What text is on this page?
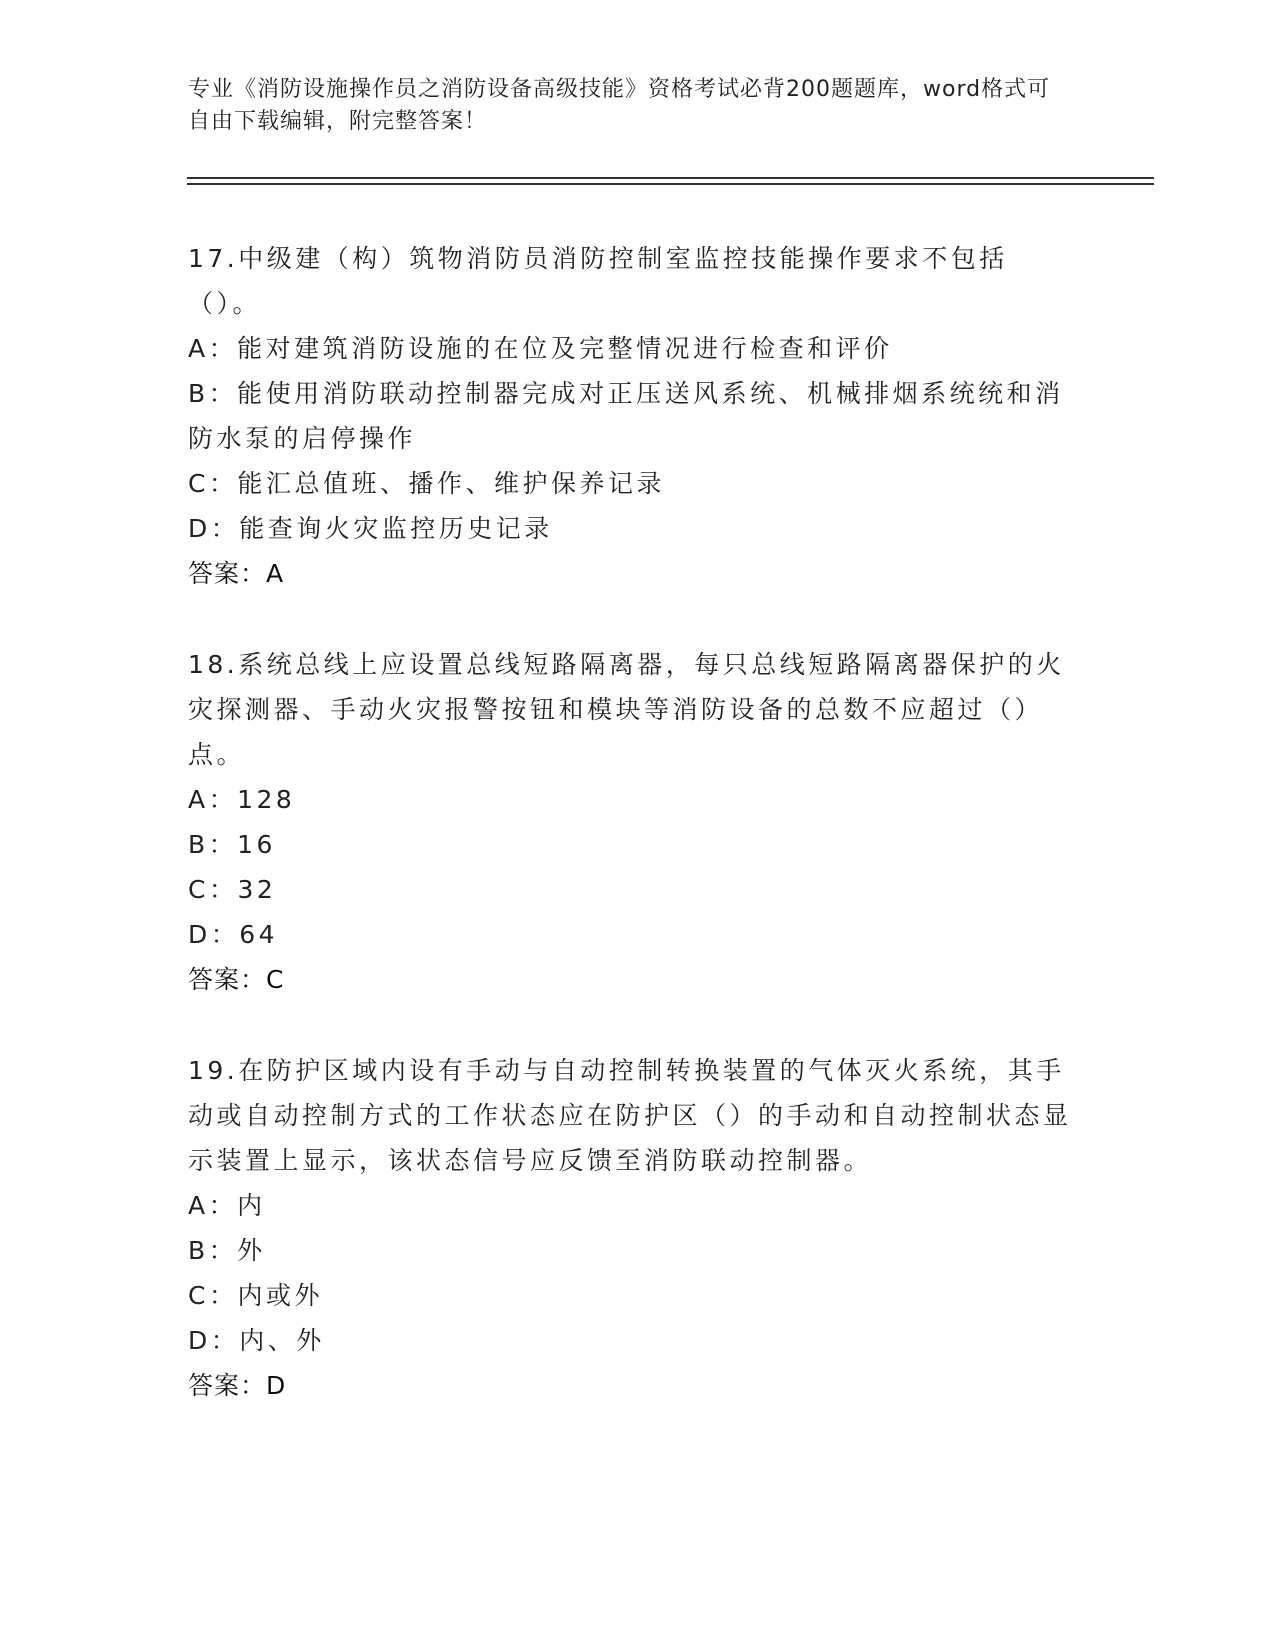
专业《消防设施操作员之消防设备高级技能》资格考试必背200题题库，word格式可自由下载编辑，附完整答案！

17.中级建（构）筑物消防员消防控制室监控技能操作要求不包括（）。

A：能对建筑消防设施的在位及完整情况进行检查和评价

B：能使用消防联动控制器完成对正压送风系统、机械排烟系统统和消防水泵的启停操作

C：能汇总值班、播作、维护保养记录

D：能查询火灾监控历史记录

答案：A

18.系统总线上应设置总线短路隔离器，每只总线短路隔离器保护的火灾探测器、手动火灾报警按钮和模块等消防设备的总数不应超过（）点。

A：128

B：16

C：32

D：64

答案：C

19.在防护区域内设有手动与自动控制转换装置的气体灭火系统，其手动或自动控制方式的工作状态应在防护区（）的手动和自动控制状态显示装置上显示，该状态信号应反馈至消防联动控制器。

A：内

B：外

C：内或外

D：内、外

答案：D
